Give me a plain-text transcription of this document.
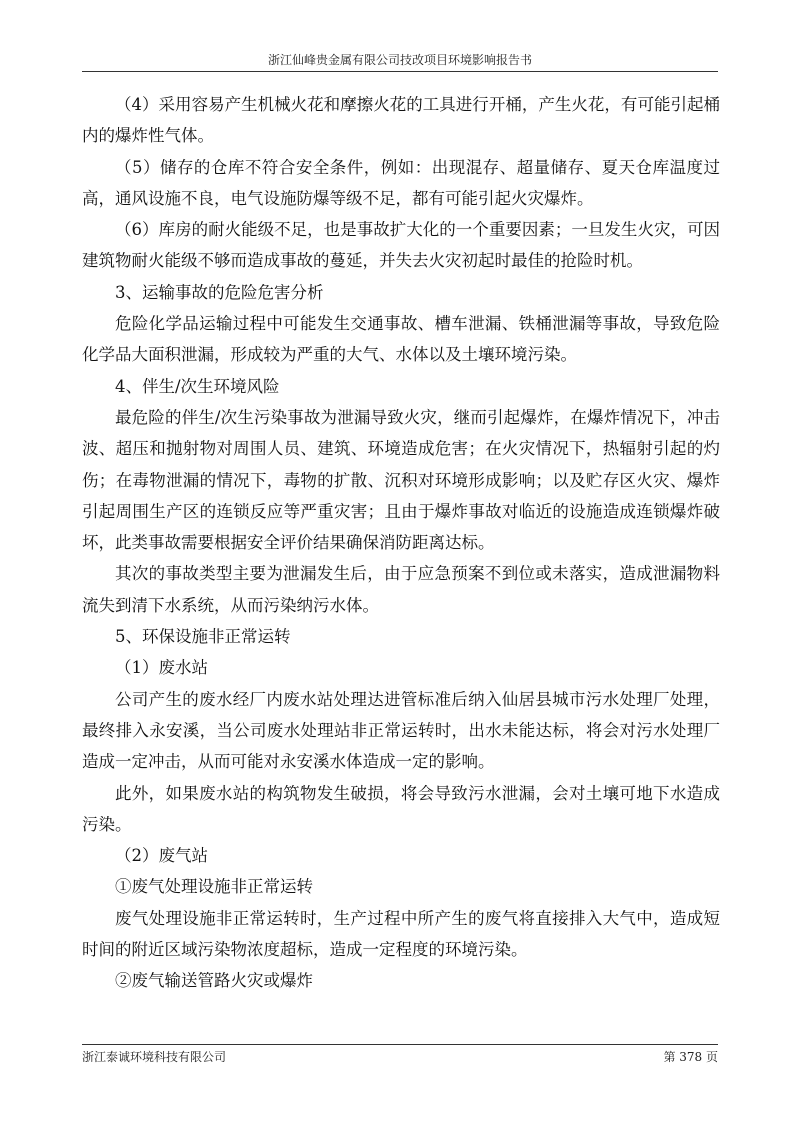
浙江仙峰贵金属有限公司技改项目环境影响报告书

（4）采用容易产生机械火花和摩擦火花的工具进行开桶，产生火花，有可能引起桶内的爆炸性气体。

（5）储存的仓库不符合安全条件，例如：出现混存、超量储存、夏天仓库温度过高，通风设施不良，电气设施防爆等级不足，都有可能引起火灾爆炸。

（6）库房的耐火能级不足，也是事故扩大化的一个重要因素；一旦发生火灾，可因建筑物耐火能级不够而造成事故的蔓延，并失去火灾初起时最佳的抢险时机。

3、运输事故的危险危害分析

危险化学品运输过程中可能发生交通事故、槽车泄漏、铁桶泄漏等事故，导致危险化学品大面积泄漏，形成较为严重的大气、水体以及土壤环境污染。

4、伴生/次生环境风险

最危险的伴生/次生污染事故为泄漏导致火灾，继而引起爆炸，在爆炸情况下，冲击波、超压和抛射物对周围人员、建筑、环境造成危害；在火灾情况下，热辐射引起的灼伤；在毒物泄漏的情况下，毒物的扩散、沉积对环境形成影响；以及贮存区火灾、爆炸引起周围生产区的连锁反应等严重灾害；且由于爆炸事故对临近的设施造成连锁爆炸破坏，此类事故需要根据安全评价结果确保消防距离达标。

其次的事故类型主要为泄漏发生后，由于应急预案不到位或未落实，造成泄漏物料流失到清下水系统，从而污染纳污水体。

5、环保设施非正常运转

（1）废水站

公司产生的废水经厂内废水站处理达进管标准后纳入仙居县城市污水处理厂处理，最终排入永安溪，当公司废水处理站非正常运转时，出水未能达标，将会对污水处理厂造成一定冲击，从而可能对永安溪水体造成一定的影响。

此外，如果废水站的构筑物发生破损，将会导致污水泄漏，会对土壤可地下水造成污染。

（2）废气站

①废气处理设施非正常运转

废气处理设施非正常运转时，生产过程中所产生的废气将直接排入大气中，造成短时间的附近区域污染物浓度超标，造成一定程度的环境污染。

②废气输送管路火灾或爆炸

浙江泰诚环境科技有限公司	第 378 页
